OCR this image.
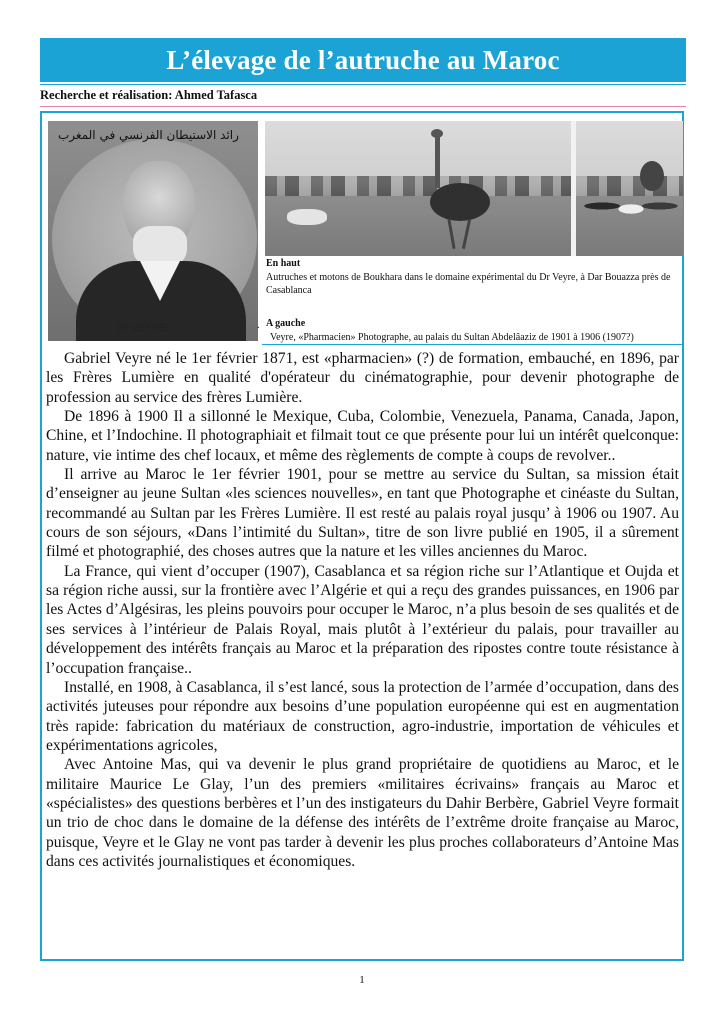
L’élevage de l’autruche au Maroc
Recherche et réalisation: Ahmed Tafasca
رائد الاستيطان الفرنسي في المغرب
Dr VEYRE
En haut
Autruches et motons de Boukhara dans le domaine expérimental du Dr Veyre, à Dar Bouazza près de Casablanca
. A gauche
Veyre, «Pharmacien» Photographe, au palais du Sultan Abdelâaziz de 1901 à 1906 (1907?)

Gabriel Veyre né le 1er février 1871, est «pharmacien» (?) de formation, embauché, en 1896, par les Frères Lumière en qualité d'opérateur du cinématographie, pour devenir photographe de profession au service des frères Lumière.

De 1896 à 1900 Il a sillonné le Mexique, Cuba, Colombie, Venezuela, Panama, Canada, Japon, Chine, et l’Indochine. Il photographiait et filmait tout ce que présente pour lui un intérêt quelconque: nature, vie intime des chef locaux, et même des règlements de compte à coups de revolver..

Il arrive au Maroc le 1er février 1901, pour se mettre au service du Sultan, sa mission était d’enseigner au jeune Sultan «les sciences nouvelles», en tant que Photographe et cinéaste du Sultan, recommandé au Sultan par les Frères Lumière. Il est resté au palais royal jusqu’ à 1906 ou 1907. Au cours de son séjours, «Dans l’intimité du Sultan», titre de son livre publié en 1905, il a sûrement filmé et photographié, des choses autres que la nature et les villes anciennes du Maroc.

La France, qui vient d’occuper (1907), Casablanca et sa région riche sur l’Atlantique et Oujda et sa région riche aussi, sur la frontière avec l’Algérie et qui a reçu des grandes puissances, en 1906 par les Actes d’Algésiras, les pleins pouvoirs pour occuper le Maroc, n’a plus besoin de ses qualités et de ses services à l’intérieur de Palais Royal, mais plutôt à l’extérieur du palais, pour travailler au développement des intérêts français au Maroc et la préparation des ripostes contre toute résistance à l’occupation française..

Installé, en 1908, à Casablanca, il s’est lancé, sous la protection de l’armée d’occupation, dans des activités juteuses pour répondre aux besoins d’une population européenne qui est en augmentation très rapide: fabrication du matériaux de construction, agro-industrie, importation de véhicules et expérimentations agricoles,

Avec Antoine Mas, qui va devenir le plus grand propriétaire de quotidiens au Maroc, et le militaire Maurice Le Glay, l’un des premiers «militaires écrivains» français au Maroc et «spécialistes» des questions berbères et l’un des instigateurs du Dahir Berbère, Gabriel Veyre formait un trio de choc dans le domaine de la défense des intérêts de l’extrême droite française au Maroc, puisque, Veyre et le Glay ne vont pas tarder à devenir les plus proches collaborateurs d’Antoine Mas dans ces activités journalistiques et économiques.

1
